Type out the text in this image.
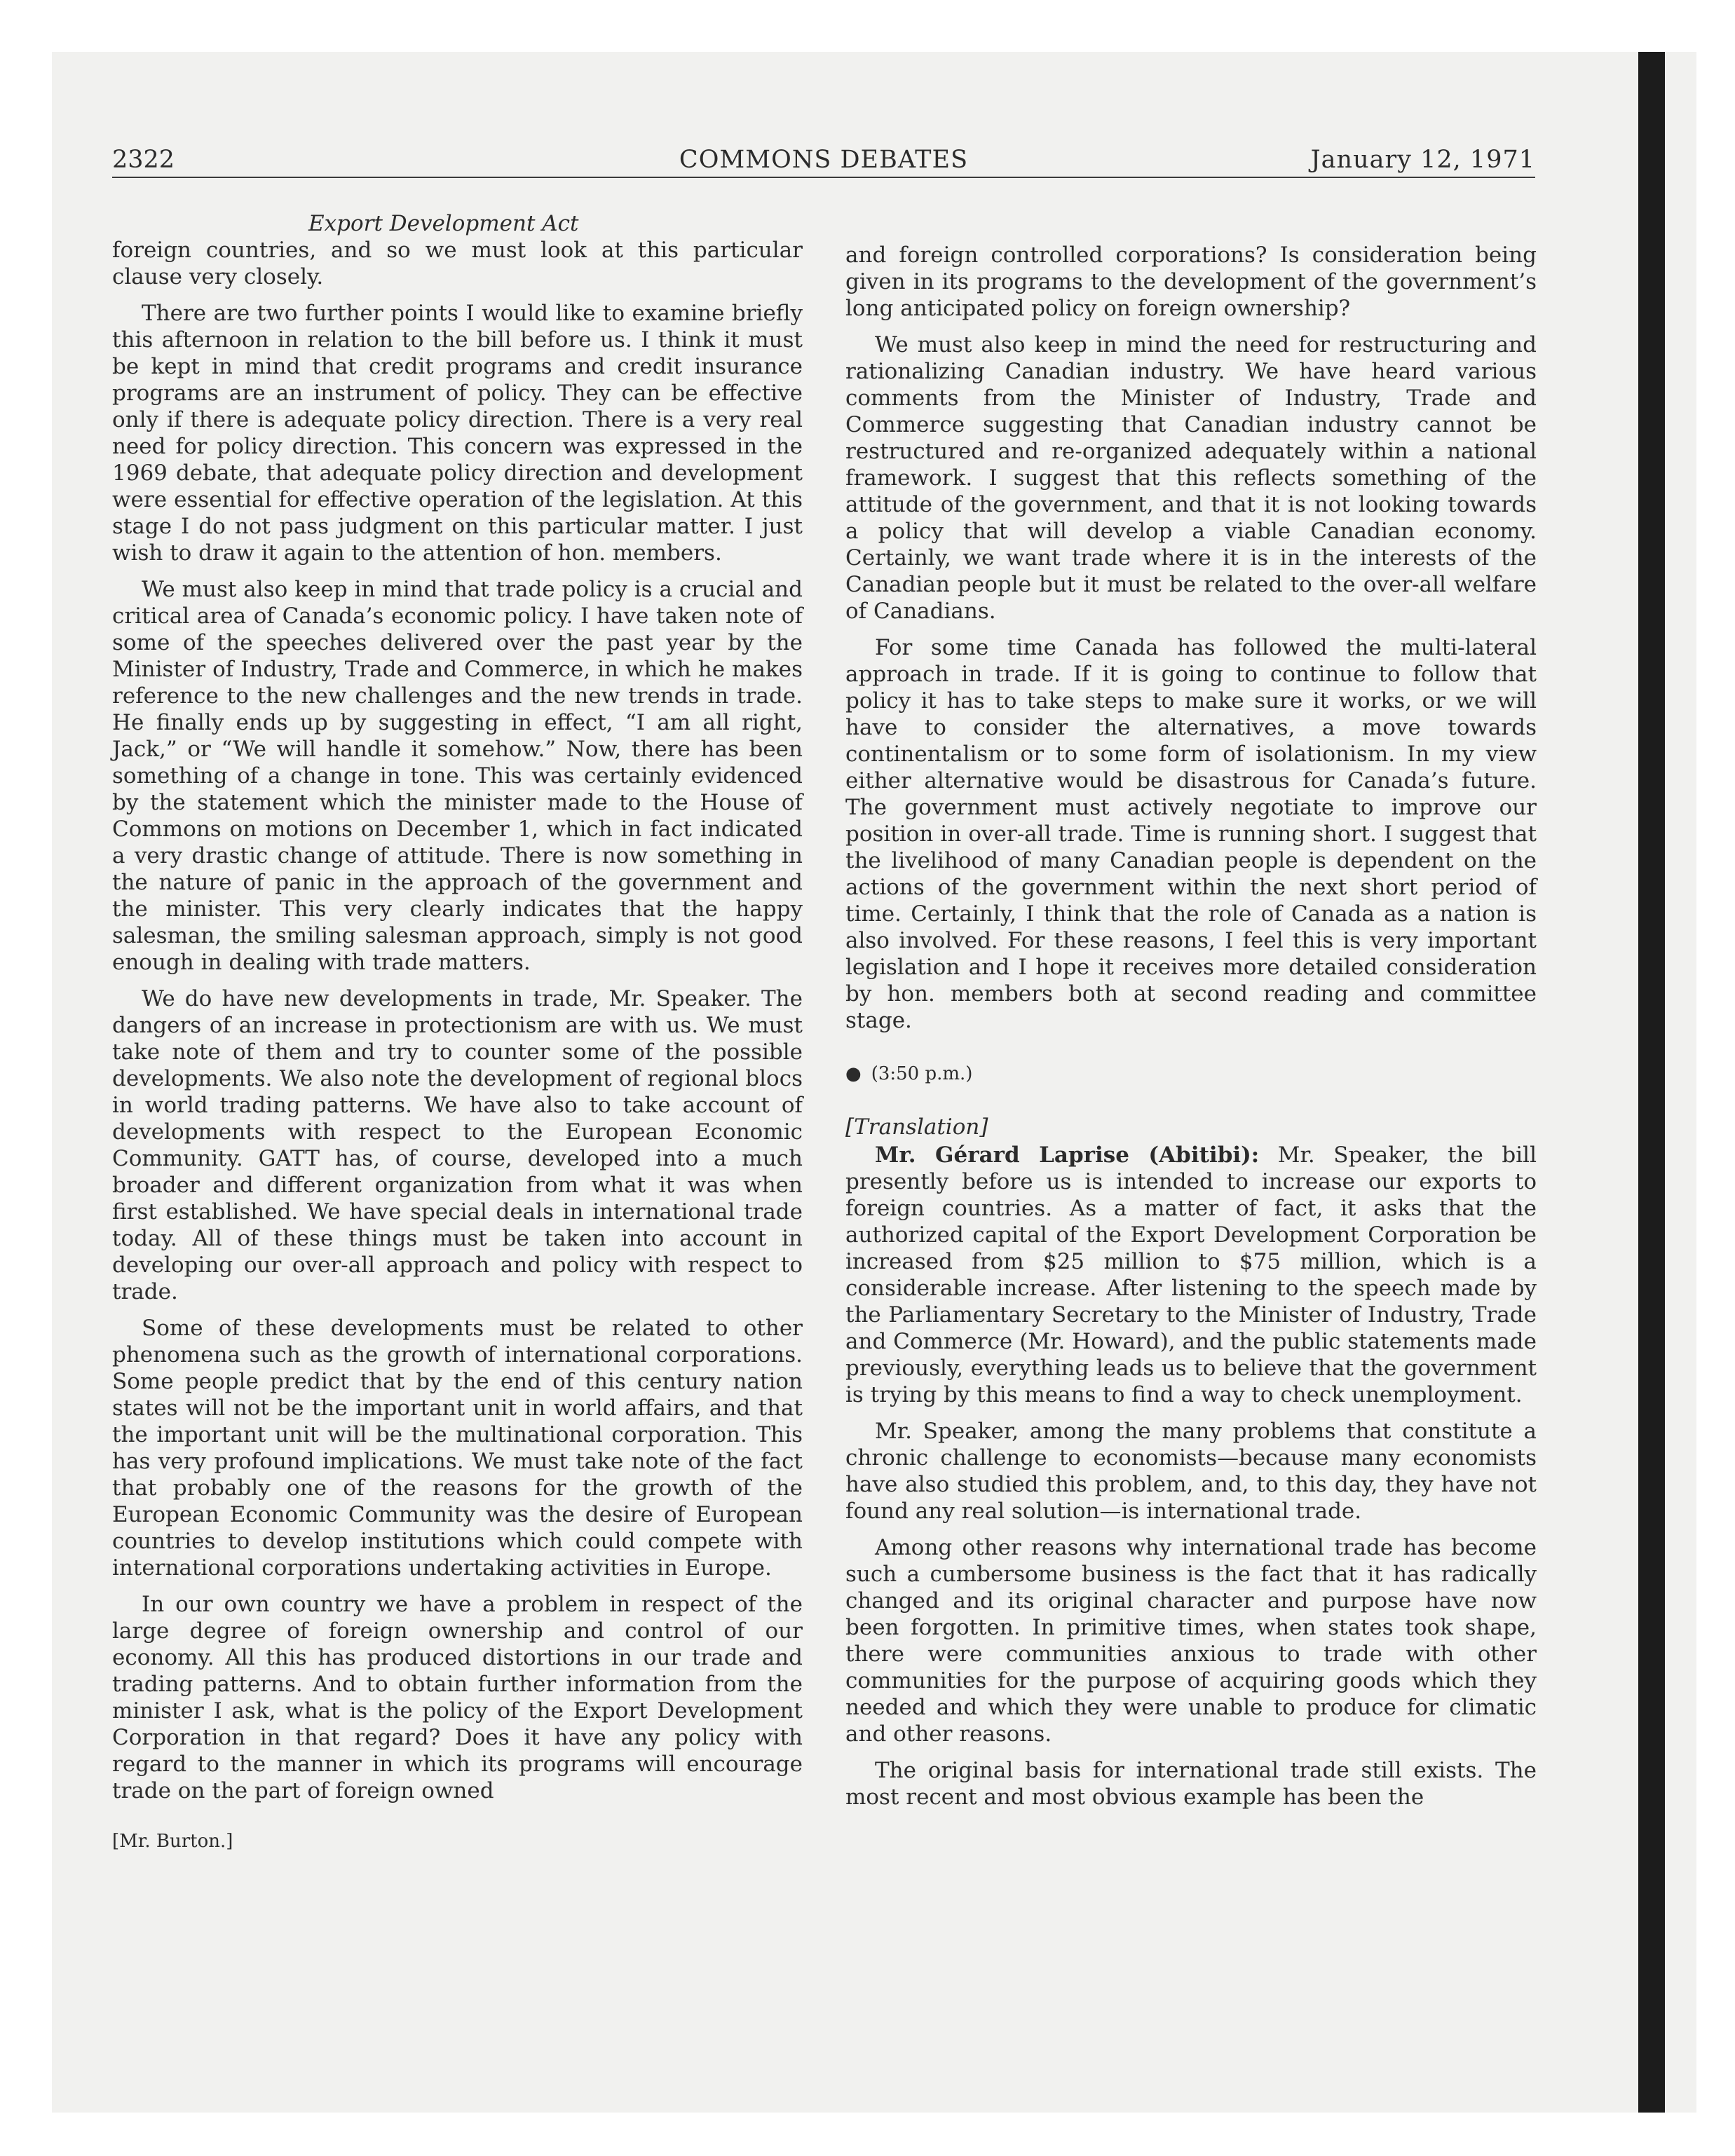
2322	COMMONS DEBATES	January 12, 1971
Export Development Act

foreign countries, and so we must look at this particular clause very closely.

There are two further points I would like to examine briefly this afternoon in relation to the bill before us. I think it must be kept in mind that credit programs and credit insurance programs are an instrument of policy. They can be effective only if there is adequate policy direction. There is a very real need for policy direction. This concern was expressed in the 1969 debate, that adequate policy direction and development were essential for effective operation of the legislation. At this stage I do not pass judgment on this particular matter. I just wish to draw it again to the attention of hon. members.

We must also keep in mind that trade policy is a crucial and critical area of Canada’s economic policy. I have taken note of some of the speeches delivered over the past year by the Minister of Industry, Trade and Commerce, in which he makes reference to the new challenges and the new trends in trade. He finally ends up by suggesting in effect, “I am all right, Jack,” or “We will handle it somehow.” Now, there has been something of a change in tone. This was certainly evidenced by the statement which the minister made to the House of Commons on motions on December 1, which in fact indicated a very drastic change of attitude. There is now something in the nature of panic in the approach of the government and the minister. This very clearly indicates that the happy salesman, the smiling salesman approach, simply is not good enough in dealing with trade matters.

We do have new developments in trade, Mr. Speaker. The dangers of an increase in protectionism are with us. We must take note of them and try to counter some of the possible developments. We also note the development of regional blocs in world trading patterns. We have also to take account of developments with respect to the European Economic Community. GATT has, of course, developed into a much broader and different organization from what it was when first established. We have special deals in international trade today. All of these things must be taken into account in developing our over-all approach and policy with respect to trade.

Some of these developments must be related to other phenomena such as the growth of international corporations. Some people predict that by the end of this century nation states will not be the important unit in world affairs, and that the important unit will be the multinational corporation. This has very profound implications. We must take note of the fact that probably one of the reasons for the growth of the European Economic Community was the desire of European countries to develop institutions which could compete with international corporations undertaking activities in Europe.

In our own country we have a problem in respect of the large degree of foreign ownership and control of our economy. All this has produced distortions in our trade and trading patterns. And to obtain further information from the minister I ask, what is the policy of the Export Development Corporation in that regard? Does it have any policy with regard to the manner in which its programs will encourage trade on the part of foreign owned

[Mr. Burton.]

and foreign controlled corporations? Is consideration being given in its programs to the development of the government’s long anticipated policy on foreign ownership?

We must also keep in mind the need for restructuring and rationalizing Canadian industry. We have heard various comments from the Minister of Industry, Trade and Commerce suggesting that Canadian industry cannot be restructured and re-organized adequately within a national framework. I suggest that this reflects something of the attitude of the government, and that it is not looking towards a policy that will develop a viable Canadian economy. Certainly, we want trade where it is in the interests of the Canadian people but it must be related to the over-all welfare of Canadians.

For some time Canada has followed the multi-lateral approach in trade. If it is going to continue to follow that policy it has to take steps to make sure it works, or we will have to consider the alternatives, a move towards continentalism or to some form of isolationism. In my view either alternative would be disastrous for Canada’s future. The government must actively negotiate to improve our position in over-all trade. Time is running short. I suggest that the livelihood of many Canadian people is dependent on the actions of the government within the next short period of time. Certainly, I think that the role of Canada as a nation is also involved. For these reasons, I feel this is very important legislation and I hope it receives more detailed consideration by hon. members both at second reading and committee stage.

● (3:50 p.m.)
[Translation]

Mr. Gérard Laprise (Abitibi): Mr. Speaker, the bill presently before us is intended to increase our exports to foreign countries. As a matter of fact, it asks that the authorized capital of the Export Development Corporation be increased from $25 million to $75 million, which is a considerable increase. After listening to the speech made by the Parliamentary Secretary to the Minister of Industry, Trade and Commerce (Mr. Howard), and the public statements made previously, everything leads us to believe that the government is trying by this means to find a way to check unemployment.

Mr. Speaker, among the many problems that constitute a chronic challenge to economists—because many economists have also studied this problem, and, to this day, they have not found any real solution—is international trade.

Among other reasons why international trade has become such a cumbersome business is the fact that it has radically changed and its original character and purpose have now been forgotten. In primitive times, when states took shape, there were communities anxious to trade with other communities for the purpose of acquiring goods which they needed and which they were unable to produce for climatic and other reasons.

The original basis for international trade still exists. The most recent and most obvious example has been the
